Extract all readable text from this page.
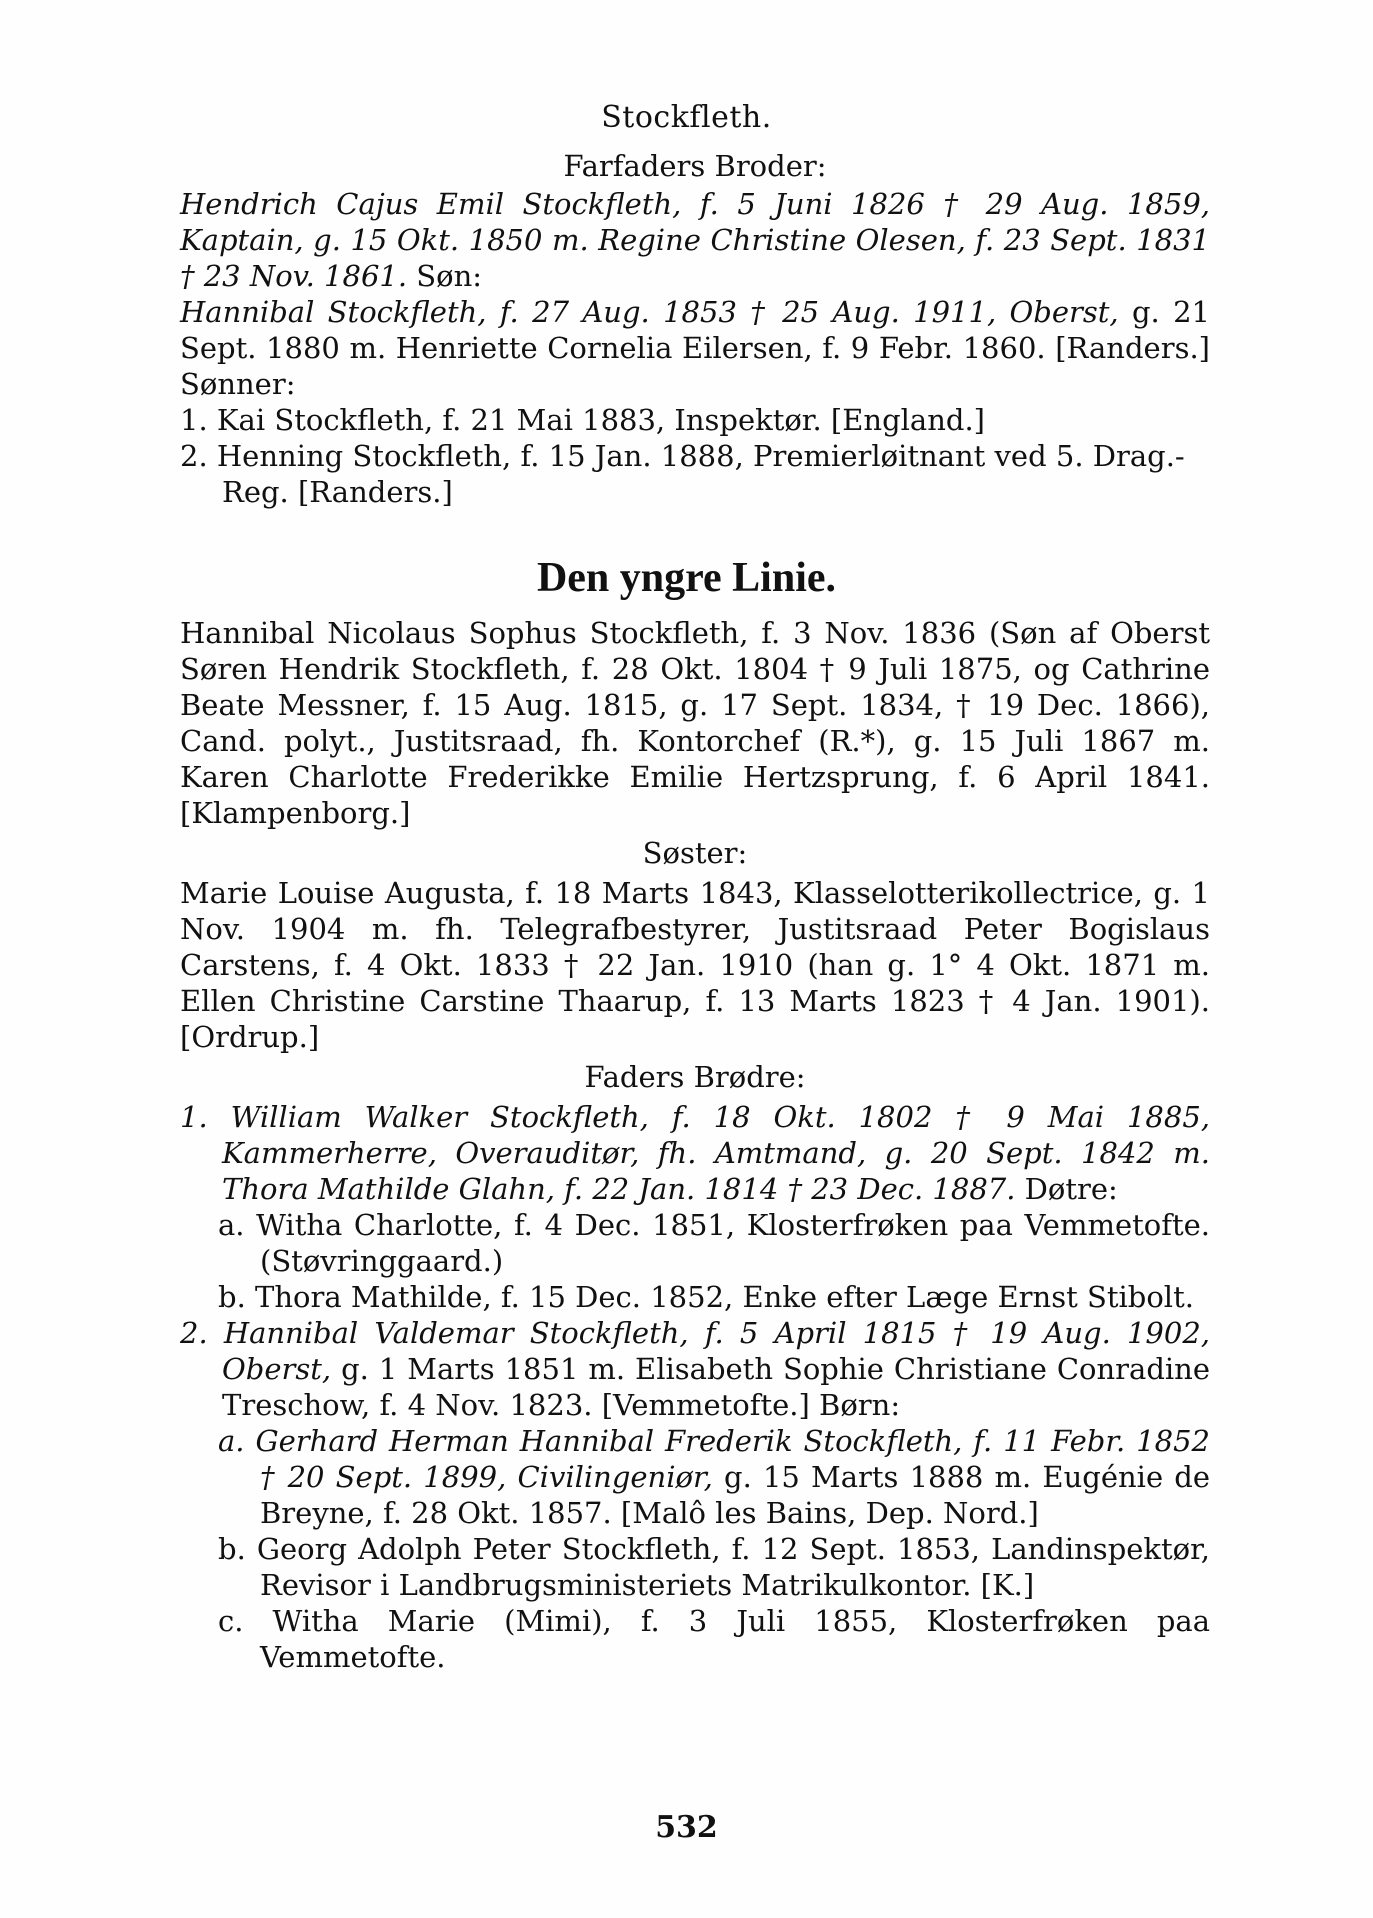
Stockfleth.
Farfaders Broder:
Hendrich Cajus Emil Stockfleth, f. 5 Juni 1826 † 29 Aug. 1859, Kaptain, g. 15 Okt. 1850 m. Regine Christine Olesen, f. 23 Sept. 1831 † 23 Nov. 1861. Søn:
Hannibal Stockfleth, f. 27 Aug. 1853 † 25 Aug. 1911, Oberst, g. 21 Sept. 1880 m. Henriette Cornelia Eilersen, f. 9 Febr. 1860. [Randers.] Sønner:
1. Kai Stockfleth, f. 21 Mai 1883, Inspektør. [England.]
2. Henning Stockfleth, f. 15 Jan. 1888, Premierløitnant ved 5. Drag.-Reg. [Randers.]
Den yngre Linie.
Hannibal Nicolaus Sophus Stockfleth, f. 3 Nov. 1836 (Søn af Oberst Søren Hendrik Stockfleth, f. 28 Okt. 1804 † 9 Juli 1875, og Cathrine Beate Messner, f. 15 Aug. 1815, g. 17 Sept. 1834, † 19 Dec. 1866), Cand. polyt., Justitsraad, fh. Kontorchef (R.*), g. 15 Juli 1867 m. Karen Charlotte Frederikke Emilie Hertzsprung, f. 6 April 1841. [Klampenborg.]
Søster:
Marie Louise Augusta, f. 18 Marts 1843, Klasselotterikollectrice, g. 1 Nov. 1904 m. fh. Telegrafbestyrer, Justitsraad Peter Bogislaus Carstens, f. 4 Okt. 1833 † 22 Jan. 1910 (han g. 1° 4 Okt. 1871 m. Ellen Christine Carstine Thaarup, f. 13 Marts 1823 † 4 Jan. 1901). [Ordrup.]
Faders Brødre:
1. William Walker Stockfleth, f. 18 Okt. 1802 † 9 Mai 1885, Kammerherre, Overauditør, fh. Amtmand, g. 20 Sept. 1842 m. Thora Mathilde Glahn, f. 22 Jan. 1814 † 23 Dec. 1887. Døtre:
a. Witha Charlotte, f. 4 Dec. 1851, Klosterfrøken paa Vemmetofte. (Støvringgaard.)
b. Thora Mathilde, f. 15 Dec. 1852, Enke efter Læge Ernst Stibolt.
2. Hannibal Valdemar Stockfleth, f. 5 April 1815 † 19 Aug. 1902, Oberst, g. 1 Marts 1851 m. Elisabeth Sophie Christiane Conradine Treschow, f. 4 Nov. 1823. [Vemmetofte.] Børn:
a. Gerhard Herman Hannibal Frederik Stockfleth, f. 11 Febr. 1852 † 20 Sept. 1899, Civilingeniør, g. 15 Marts 1888 m. Eugénie de Breyne, f. 28 Okt. 1857. [Malô les Bains, Dep. Nord.]
b. Georg Adolph Peter Stockfleth, f. 12 Sept. 1853, Landinspektør, Revisor i Landbrugsministeriets Matrikulkontor. [K.]
c. Witha Marie (Mimi), f. 3 Juli 1855, Klosterfrøken paa Vemmetofte.
532
